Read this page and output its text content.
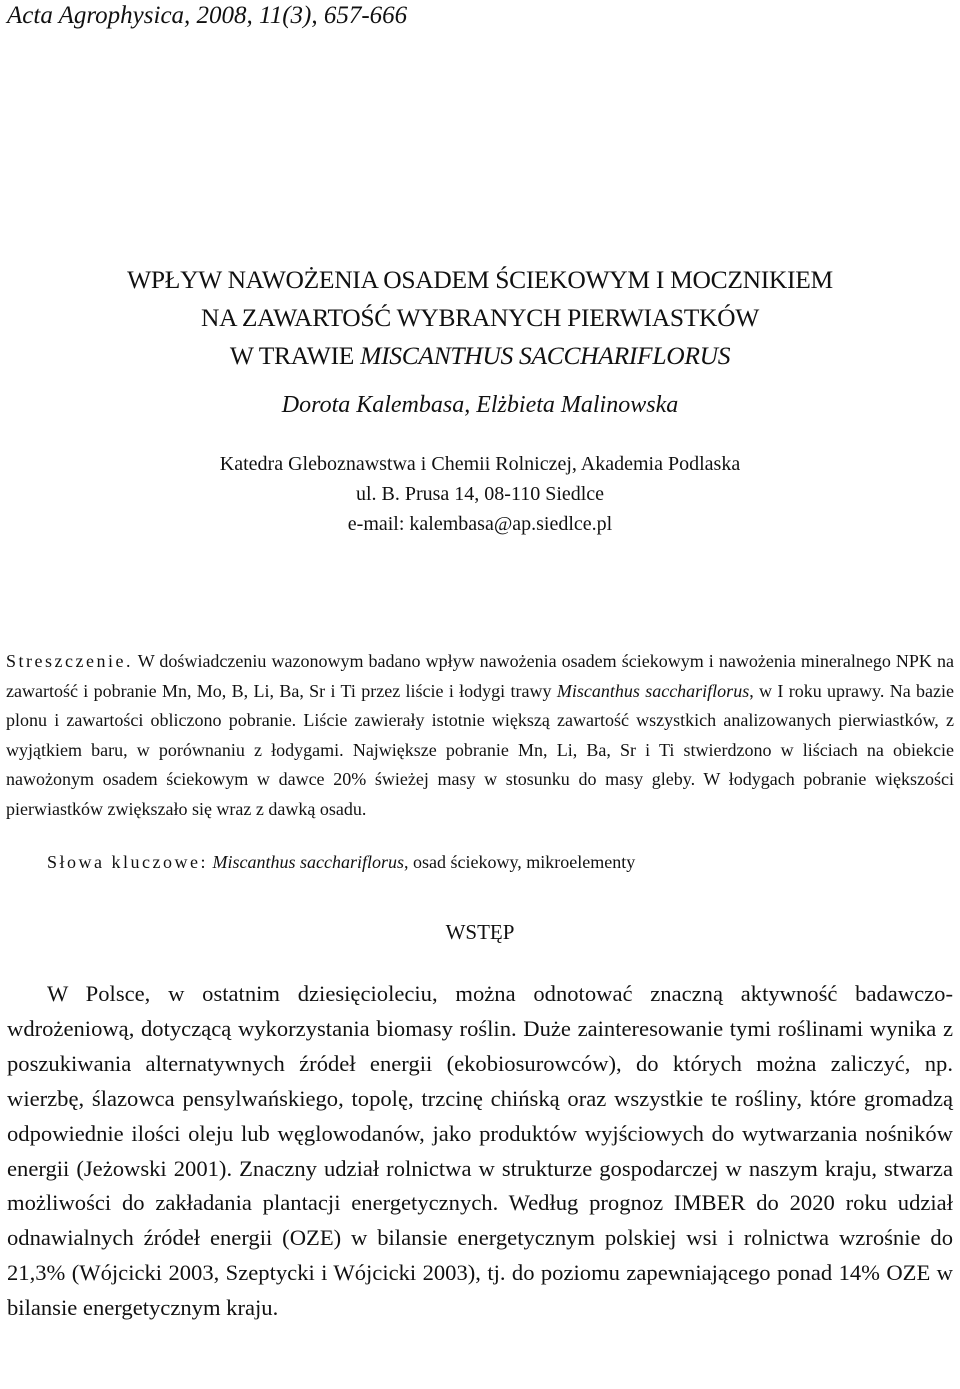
Acta Agrophysica, 2008, 11(3), 657-666
WPŁYW NAWOŻENIA OSADEM ŚCIEKOWYM I MOCZNIKIEM
NA ZAWARTOŚĆ WYBRANYCH PIERWIASTKÓW
W TRAWIE MISCANTHUS SACCHARIFLORUS
Dorota Kalembasa, Elżbieta Malinowska
Katedra Gleboznawstwa i Chemii Rolniczej, Akademia Podlaska
ul. B. Prusa 14, 08-110 Siedlce
e-mail: kalembasa@ap.siedlce.pl
Streszczenie. W doświadczeniu wazonowym badano wpływ nawożenia osadem ściekowym i nawożenia mineralnego NPK na zawartość i pobranie Mn, Mo, B, Li, Ba, Sr i Ti przez liście i łodygi trawy Miscanthus sacchariflorus, w I roku uprawy. Na bazie plonu i zawartości obliczono pobranie. Liście zawierały istotnie większą zawartość wszystkich analizowanych pierwiastków, z wyjątkiem baru, w porównaniu z łodygami. Największe pobranie Mn, Li, Ba, Sr i Ti stwierdzono w liściach na obiekcie nawożonym osadem ściekowym w dawce 20% świeżej masy w stosunku do masy gleby. W łodygach pobranie większości pierwiastków zwiększało się wraz z dawką osadu.
Słowa kluczowe: Miscanthus sacchariflorus, osad ściekowy, mikroelementy
WSTĘP
W Polsce, w ostatnim dziesięcioleciu, można odnotować znaczną aktywność badawczo-wdrożeniową, dotyczącą wykorzystania biomasy roślin. Duże zainteresowanie tymi roślinami wynika z poszukiwania alternatywnych źródeł energii (ekobiosurowców), do których można zaliczyć, np. wierzbę, ślazowca pensylwańskiego, topolę, trzcinę chińską oraz wszystkie te rośliny, które gromadzą odpowiednie ilości oleju lub węglowodanów, jako produktów wyjściowych do wytwarzania nośników energii (Jeżowski 2001). Znaczny udział rolnictwa w strukturze gospodarczej w naszym kraju, stwarza możliwości do zakładania plantacji energetycznych. Według prognoz IMBER do 2020 roku udział odnawialnych źródeł energii (OZE) w bilansie energetycznym polskiej wsi i rolnictwa wzrośnie do 21,3% (Wójcicki 2003, Szeptycki i Wójcicki 2003), tj. do poziomu zapewniającego ponad 14% OZE w bilansie energetycznym kraju.
